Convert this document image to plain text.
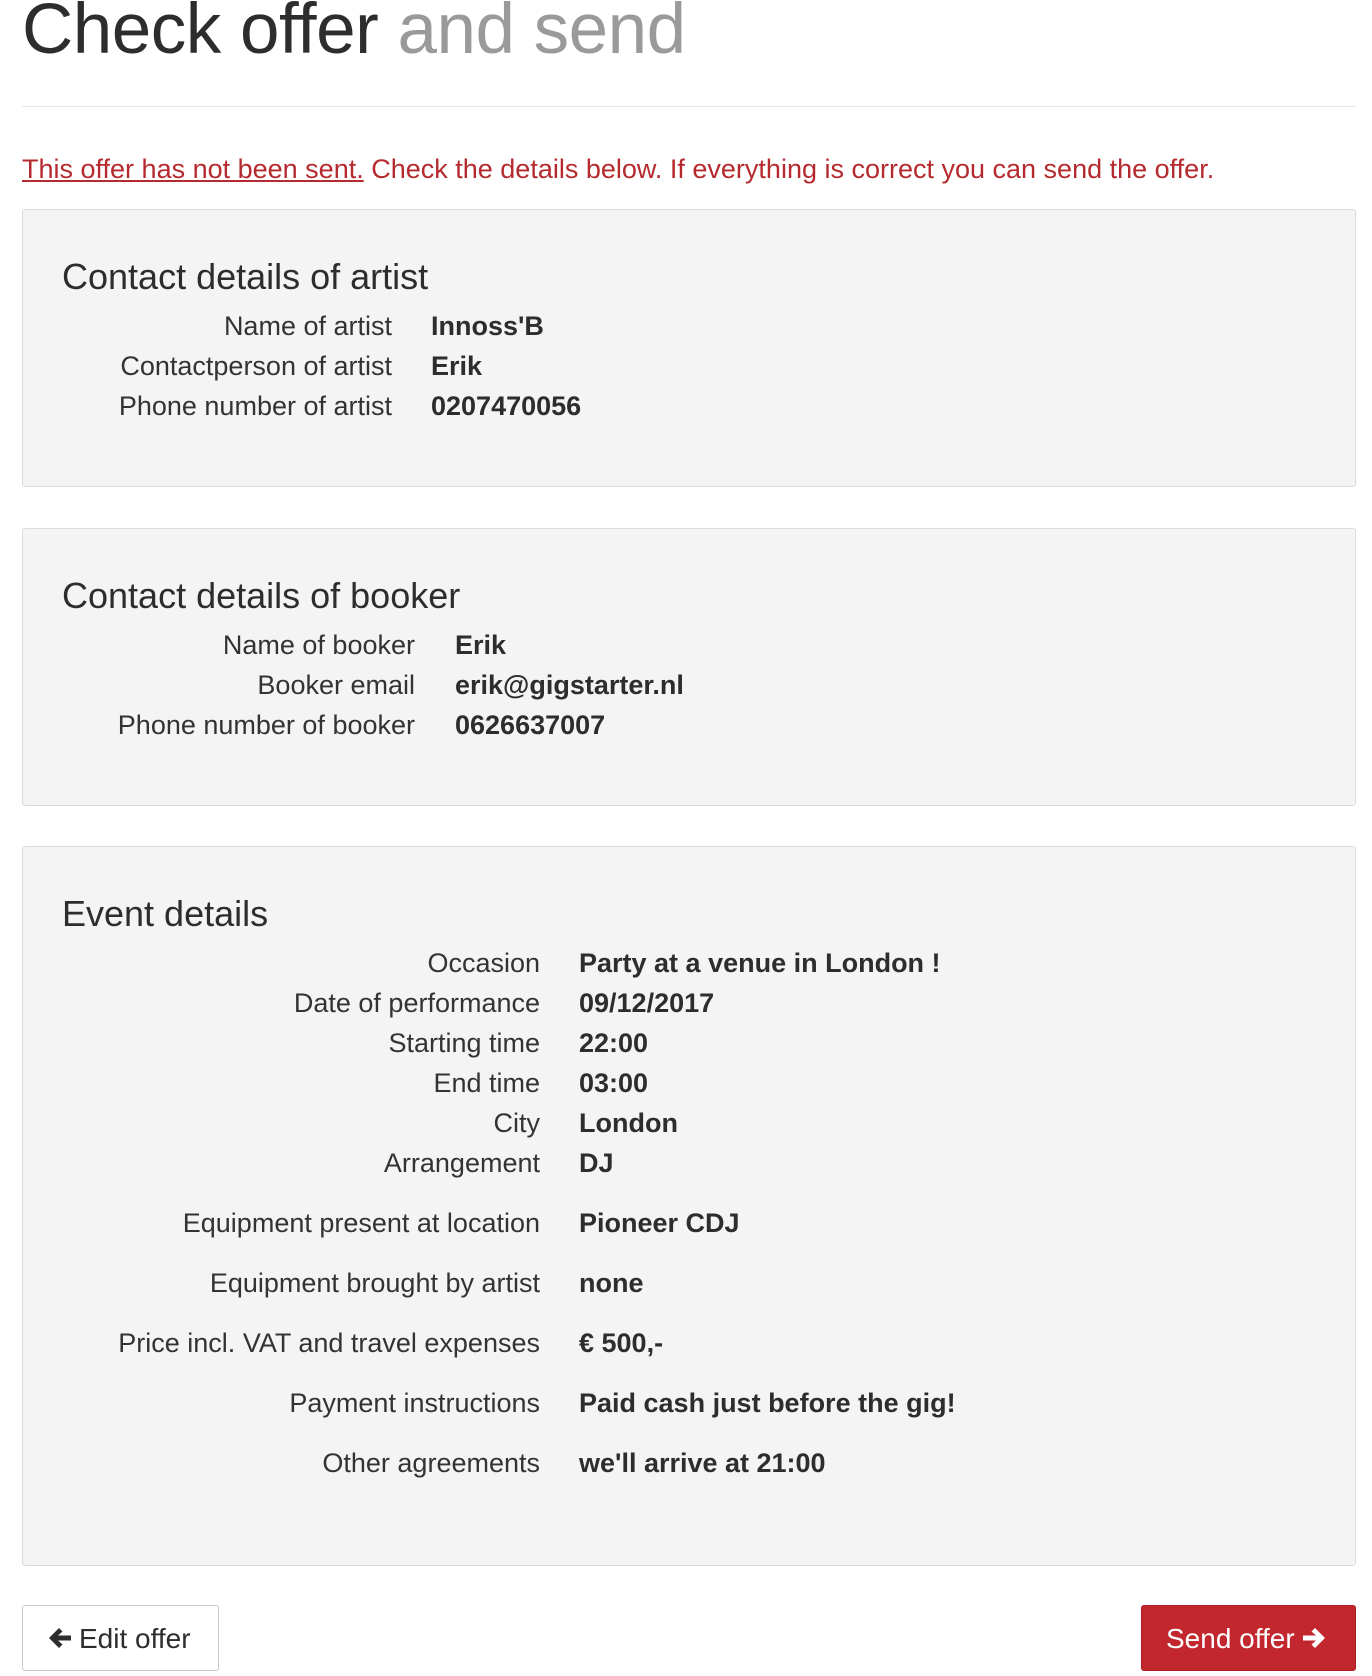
Check offer and send
This offer has not been sent. Check the details below. If everything is correct you can send the offer.
Contact details of artist
Name of artist Innoss'B
Contactperson of artist Erik
Phone number of artist 0207470056
Contact details of booker
Name of booker Erik
Booker email erik@gigstarter.nl
Phone number of booker 0626637007
Event details
Occasion Party at a venue in London !
Date of performance 09/12/2017
Starting time 22:00
End time 03:00
City London
Arrangement DJ
Equipment present at location Pioneer CDJ
Equipment brought by artist none
Price incl. VAT and travel expenses € 500,-
Payment instructions Paid cash just before the gig!
Other agreements we'll arrive at 21:00
Edit offer	Send offer
